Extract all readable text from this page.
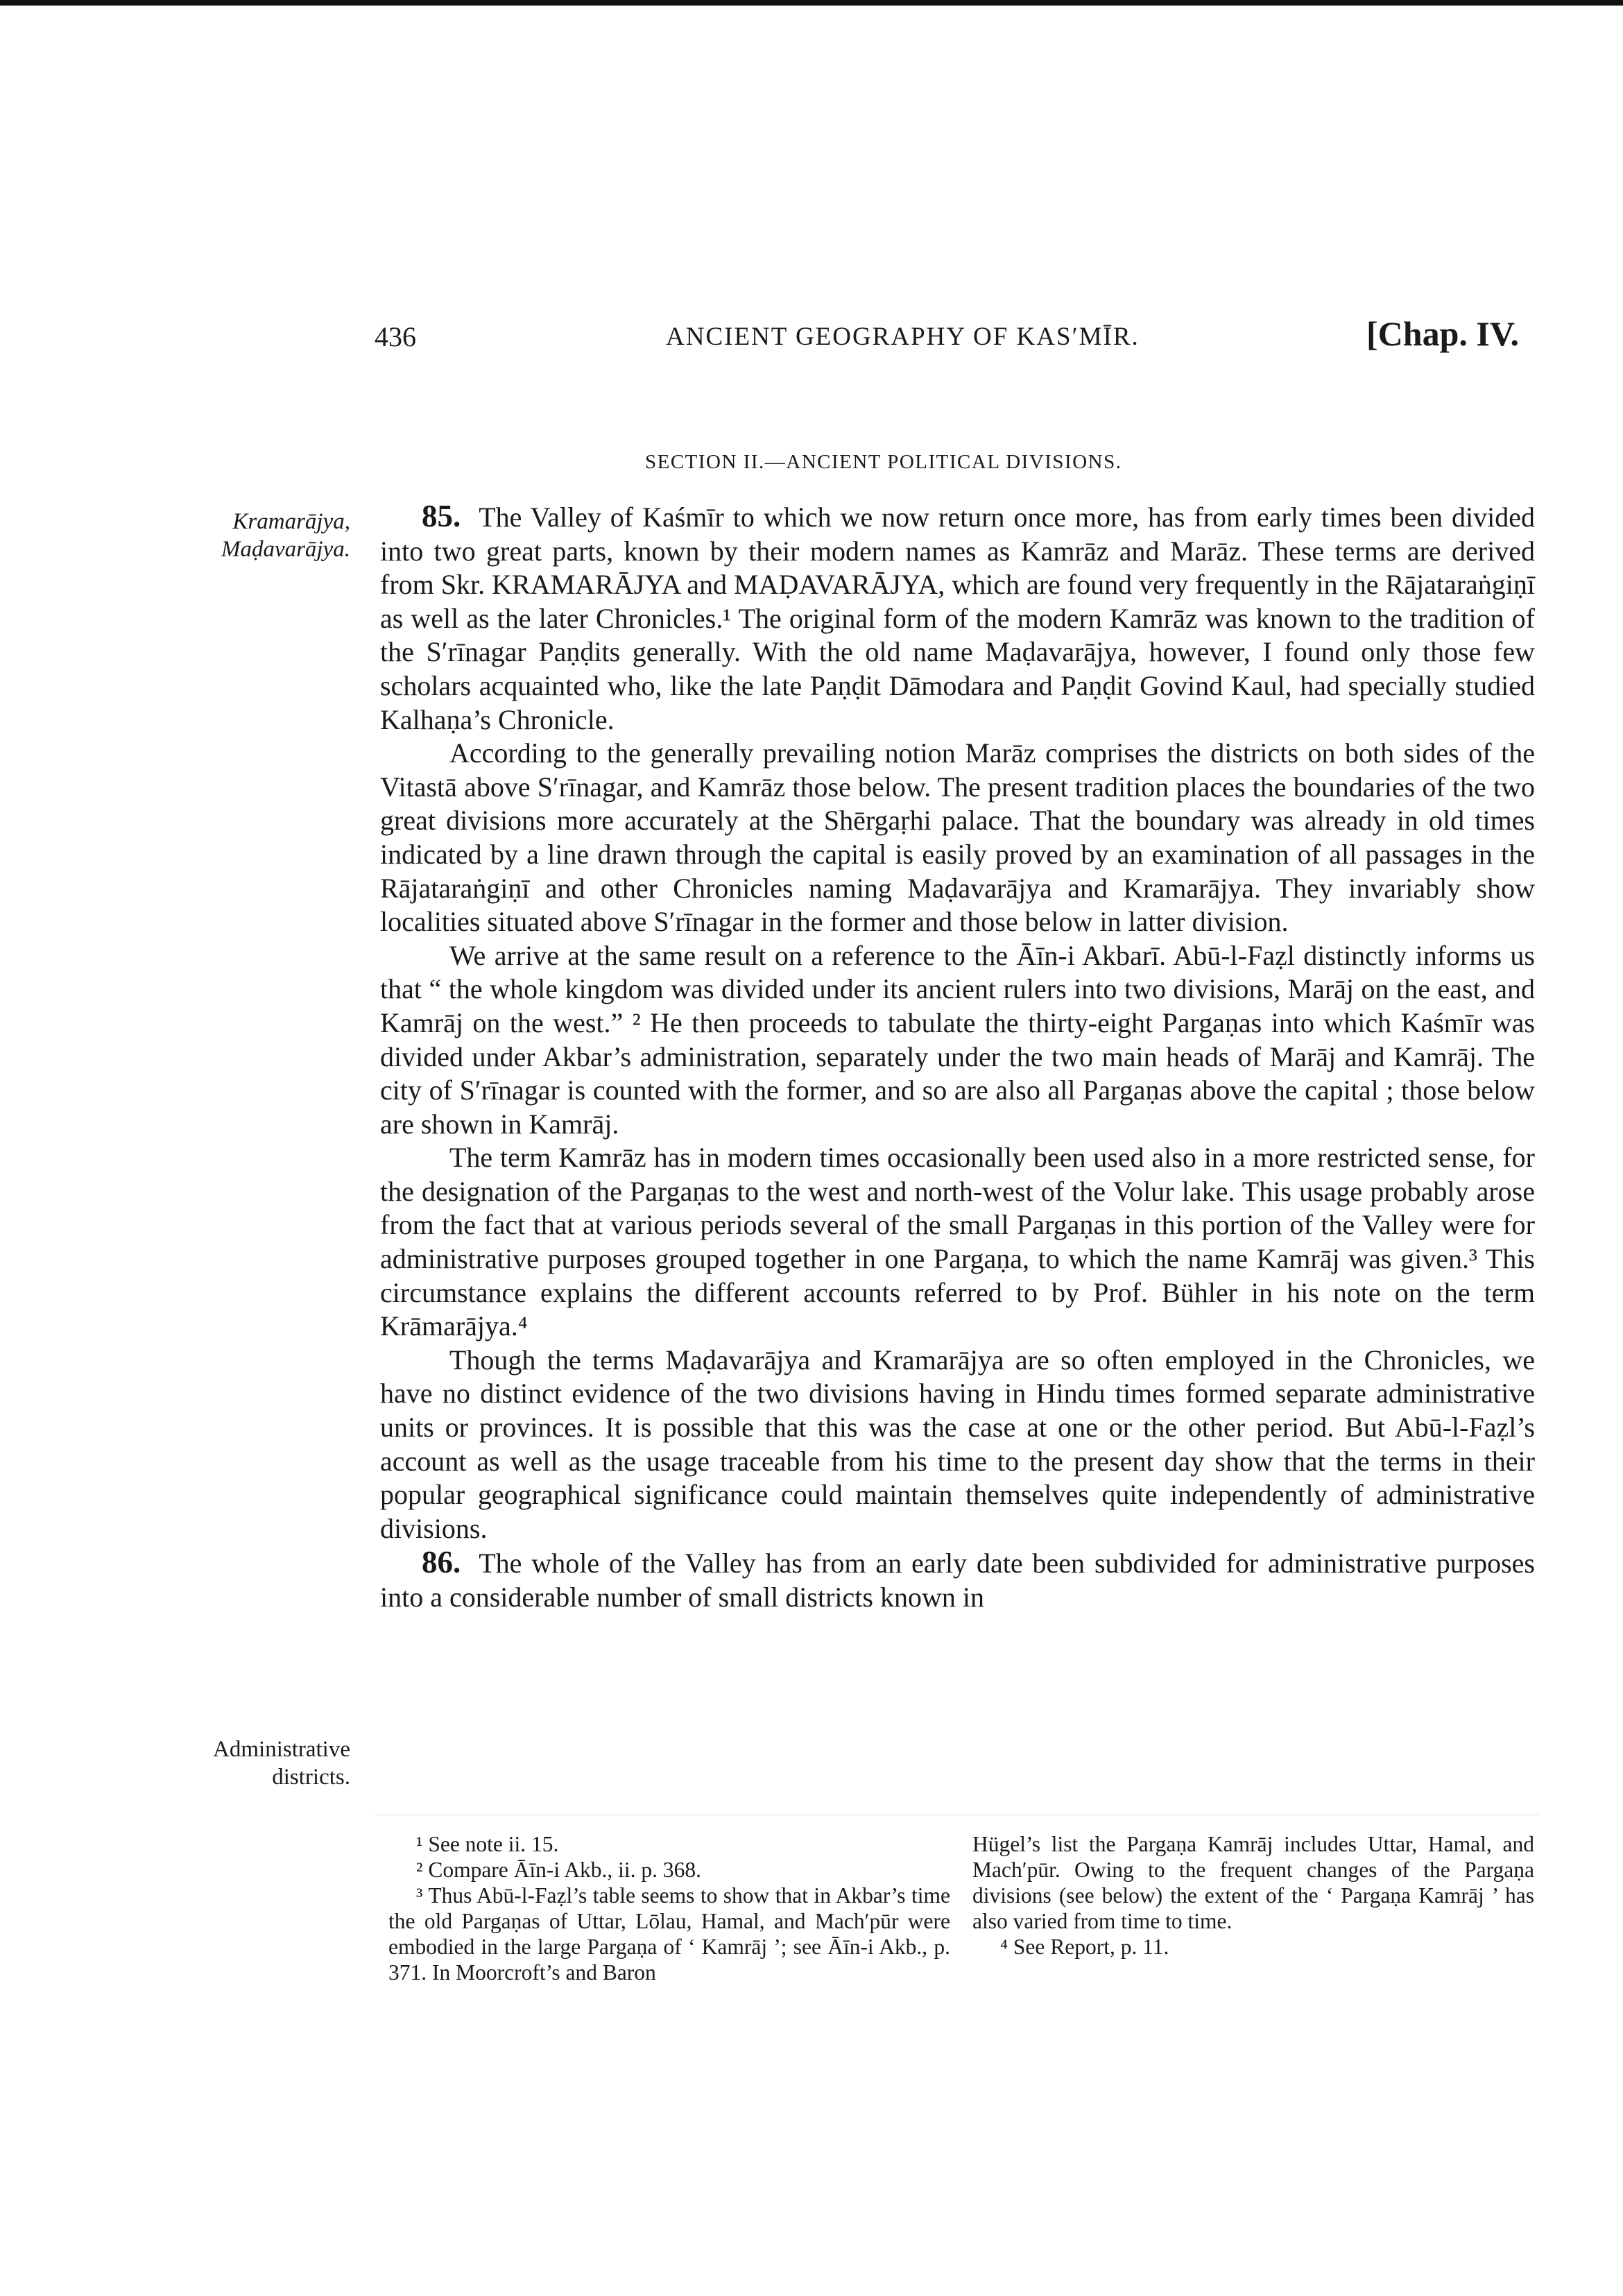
436	ANCIENT GEOGRAPHY OF KASʹMĪR.	[Chap. IV.
SECTION II.—ANCIENT POLITICAL DIVISIONS.
Kramarājya,
Maḍavarājya.
Administrative
districts.

85. The Valley of Kaśmīr to which we now return once more, has from early times been divided into two great parts, known by their modern names as Kamrāz and Marāz. These terms are derived from Skr. KRAMARĀJYA and MAḌAVARĀJYA, which are found very frequently in the Rājataraṅgiṇī as well as the later Chronicles.¹ The original form of the modern Kamrāz was known to the tradition of the Sʹrīnagar Paṇḍits generally. With the old name Maḍavarājya, however, I found only those few scholars acquainted who, like the late Paṇḍit Dāmodara and Paṇḍit Govind Kaul, had specially studied Kalhaṇa’s Chronicle.

According to the generally prevailing notion Marāz comprises the districts on both sides of the Vitastā above Sʹrīnagar, and Kamrāz those below. The present tradition places the boundaries of the two great divisions more accurately at the Shērgaṛhi palace. That the boundary was already in old times indicated by a line drawn through the capital is easily proved by an examination of all passages in the Rājataraṅgiṇī and other Chronicles naming Maḍavarājya and Kramarājya. They invariably show localities situated above Sʹrīnagar in the former and those below in latter division.

We arrive at the same result on a reference to the Āīn-i Akbarī. Abū-l-Faẓl distinctly informs us that “ the whole kingdom was divided under its ancient rulers into two divisions, Marāj on the east, and Kamrāj on the west.” ² He then proceeds to tabulate the thirty-eight Pargaṇas into which Kaśmīr was divided under Akbar’s administration, separately under the two main heads of Marāj and Kamrāj. The city of Sʹrīnagar is counted with the former, and so are also all Pargaṇas above the capital ; those below are shown in Kamrāj.

The term Kamrāz has in modern times occasionally been used also in a more restricted sense, for the designation of the Pargaṇas to the west and north-west of the Volur lake. This usage probably arose from the fact that at various periods several of the small Pargaṇas in this portion of the Valley were for administrative purposes grouped together in one Pargaṇa, to which the name Kamrāj was given.³ This circumstance explains the different accounts referred to by Prof. Bühler in his note on the term Krāmarājya.⁴

Though the terms Maḍavarājya and Kramarājya are so often employed in the Chronicles, we have no distinct evidence of the two divisions having in Hindu times formed separate administrative units or provinces. It is possible that this was the case at one or the other period. But Abū-l-Faẓl’s account as well as the usage traceable from his time to the present day show that the terms in their popular geographical significance could maintain themselves quite independently of administrative divisions.

86. The whole of the Valley has from an early date been subdivided for administrative purposes into a considerable number of small districts known in

¹ See note ii. 15.

² Compare Āīn-i Akb., ii. p. 368.

³ Thus Abū-l-Faẓl’s table seems to show that in Akbar’s time the old Pargaṇas of Uttar, Lōlau, Hamal, and Machʹpūr were embodied in the large Pargaṇa of ‘ Kamrāj ’; see Āīn-i Akb., p. 371. In Moorcroft’s and Baron

Hügel’s list the Pargaṇa Kamrāj includes Uttar, Hamal, and Machʹpūr. Owing to the frequent changes of the Pargaṇa divisions (see below) the extent of the ‘ Pargaṇa Kamrāj ’ has also varied from time to time.

⁴ See Report, p. 11.
